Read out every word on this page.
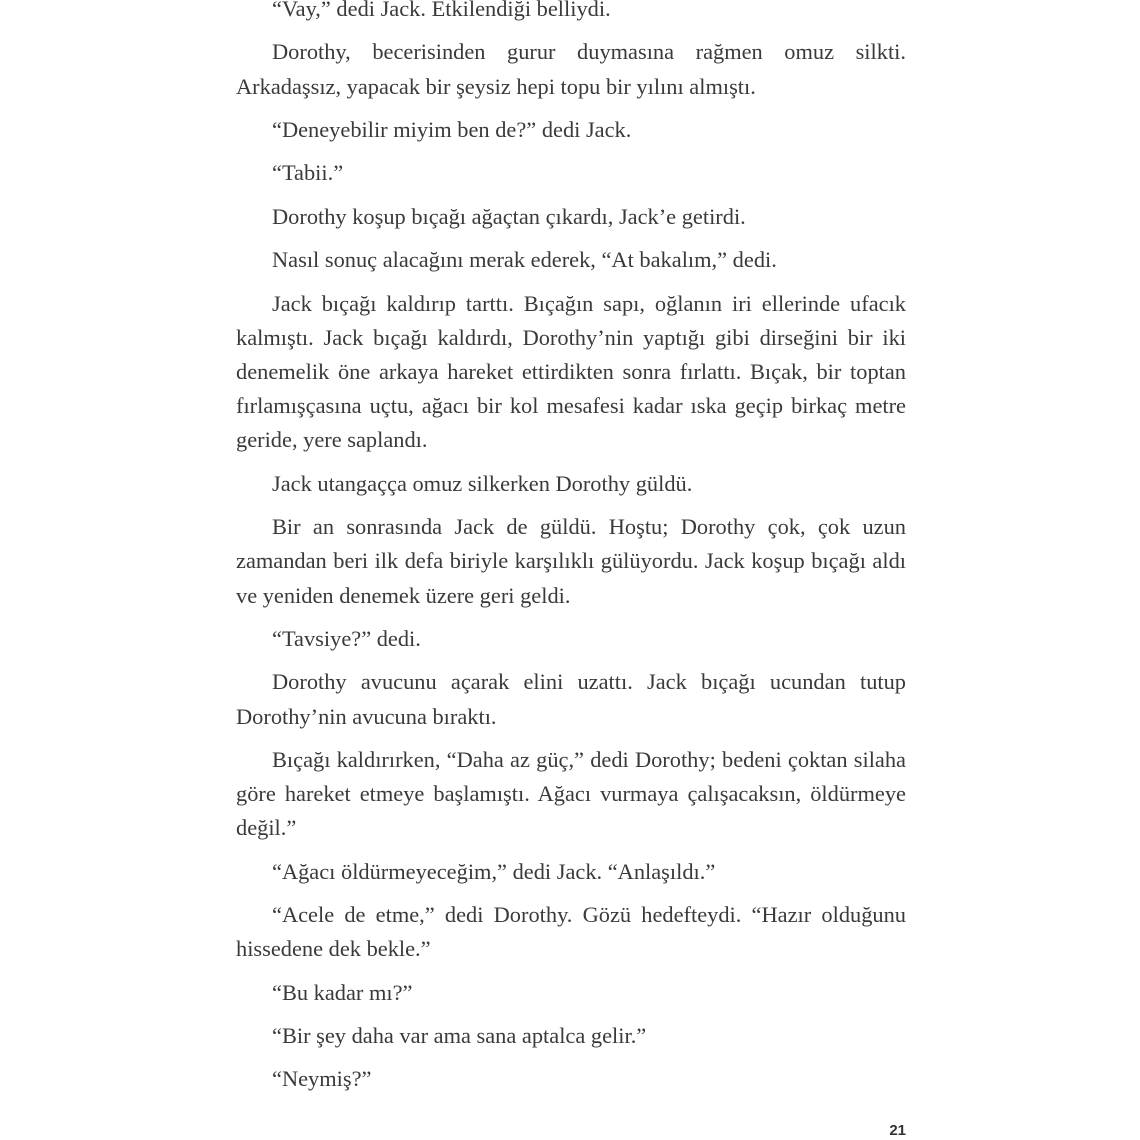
“Vay,” dedi Jack. Etkilendiği belliydi.

Dorothy, becerisinden gurur duymasına rağmen omuz silkti. Arkadaşsız, yapacak bir şeysiz hepi topu bir yılını almıştı.

“Deneyebilir miyim ben de?” dedi Jack.

“Tabii.”

Dorothy koşup bıçağı ağaçtan çıkardı, Jack’e getirdi.

Nasıl sonuç alacağını merak ederek, “At bakalım,” dedi.

Jack bıçağı kaldırıp tarttı. Bıçağın sapı, oğlanın iri ellerinde ufacık kalmıştı. Jack bıçağı kaldırdı, Dorothy’nin yaptığı gibi dirseğini bir iki denemelik öne arkaya hareket ettirdikten sonra fırlattı. Bıçak, bir toptan fırlamışçasına uçtu, ağacı bir kol mesafesi kadar ıska geçip birkaç metre geride, yere saplandı.

Jack utangaçça omuz silkerken Dorothy güldü.

Bir an sonrasında Jack de güldü. Hoştu; Dorothy çok, çok uzun zamandan beri ilk defa biriyle karşılıklı gülüyordu. Jack koşup bıçağı aldı ve yeniden denemek üzere geri geldi.

“Tavsiye?” dedi.

Dorothy avucunu açarak elini uzattı. Jack bıçağı ucundan tutup Dorothy’nin avucuna bıraktı.

Bıçağı kaldırırken, “Daha az güç,” dedi Dorothy; bedeni çoktan silaha göre hareket etmeye başlamıştı. Ağacı vurmaya çalışacaksın, öldürmeye değil.”

“Ağacı öldürmeyeceğim,” dedi Jack. “Anlaşıldı.”

“Acele de etme,” dedi Dorothy. Gözü hedefteydi. “Hazır olduğunu hissedene dek bekle.”

“Bu kadar mı?”

“Bir şey daha var ama sana aptalca gelir.”

“Neymiş?”

21
